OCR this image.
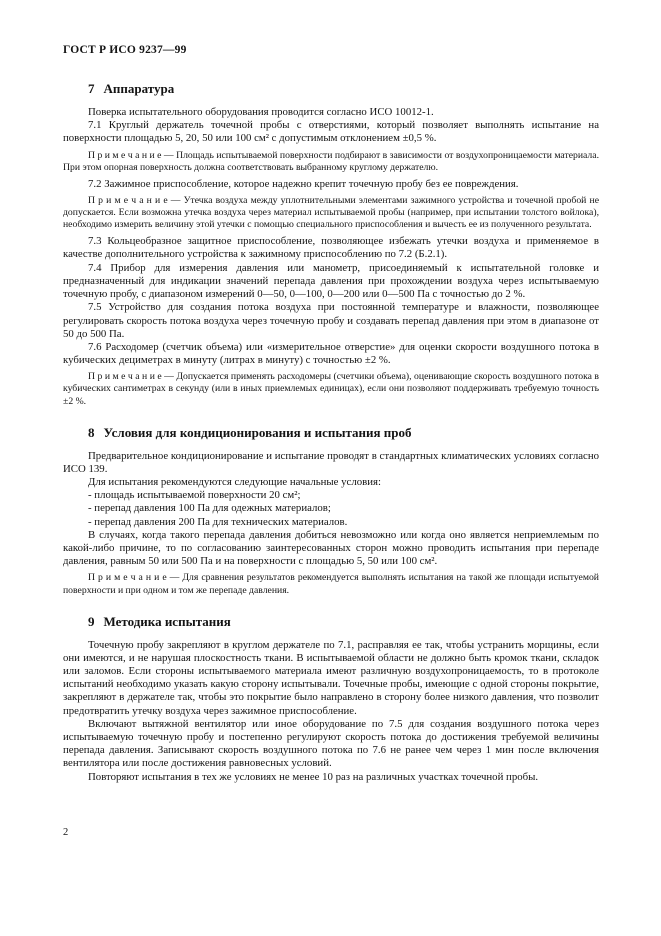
ГОСТ Р ИСО 9237—99
7 Аппаратура

Поверка испытательного оборудования проводится согласно ИСО 10012-1.

7.1 Круглый держатель точечной пробы с отверстиями, который позволяет выполнять испытание на поверхности площадью 5, 20, 50 или 100 см² с допустимым отклонением ±0,5 %.

П р и м е ч а н и е — Площадь испытываемой поверхности подбирают в зависимости от воздухопроницаемости материала. При этом опорная поверхность должна соответствовать выбранному круглому держателю.

7.2 Зажимное приспособление, которое надежно крепит точечную пробу без ее повреждения.

П р и м е ч а н и е — Утечка воздуха между уплотнительными элементами зажимного устройства и точечной пробой не допускается. Если возможна утечка воздуха через материал испытываемой пробы (например, при испытании толстого войлока), необходимо измерить величину этой утечки с помощью специального приспособления и вычесть ее из полученного результата.

7.3 Кольцеобразное защитное приспособление, позволяющее избежать утечки воздуха и применяемое в качестве дополнительного устройства к зажимному приспособлению по 7.2 (Б.2.1).

7.4 Прибор для измерения давления или манометр, присоединяемый к испытательной головке и предназначенный для индикации значений перепада давления при прохождении воздуха через испытываемую точечную пробу, с диапазоном измерений 0—50, 0—100, 0—200 или 0—500 Па с точностью до 2 %.

7.5 Устройство для создания потока воздуха при постоянной температуре и влажности, позволяющее регулировать скорость потока воздуха через точечную пробу и создавать перепад давления при этом в диапазоне от 50 до 500 Па.

7.6 Расходомер (счетчик объема) или «измерительное отверстие» для оценки скорости воздушного потока в кубических дециметрах в минуту (литрах в минуту) с точностью ±2 %.

П р и м е ч а н и е — Допускается применять расходомеры (счетчики объема), оценивающие скорость воздушного потока в кубических сантиметрах в секунду (или в иных приемлемых единицах), если они позволяют поддерживать требуемую точность ±2 %.

8 Условия для кондиционирования и испытания проб

Предварительное кондиционирование и испытание проводят в стандартных климатических условиях согласно ИСО 139.

Для испытания рекомендуются следующие начальные условия:

- площадь испытываемой поверхности 20 см²;

- перепад давления 100 Па для одежных материалов;

- перепад давления 200 Па для технических материалов.

В случаях, когда такого перепада давления добиться невозможно или когда оно является неприемлемым по какой-либо причине, то по согласованию заинтересованных сторон можно проводить испытания при перепаде давления, равным 50 или 500 Па и на поверхности с площадью 5, 50 или 100 см².

П р и м е ч а н и е — Для сравнения результатов рекомендуется выполнять испытания на такой же площади испытуемой поверхности и при одном и том же перепаде давления.

9 Методика испытания

Точечную пробу закрепляют в круглом держателе по 7.1, расправляя ее так, чтобы устранить морщины, если они имеются, и не нарушая плоскостность ткани. В испытываемой области не должно быть кромок ткани, складок или заломов. Если стороны испытываемого материала имеют различную воздухопроницаемость, то в протоколе испытаний необходимо указать какую сторону испытывали. Точечные пробы, имеющие с одной стороны покрытие, закрепляют в держателе так, чтобы это покрытие было направлено в сторону более низкого давления, что позволит предотвратить утечку воздуха через зажимное приспособление.

Включают вытяжной вентилятор или иное оборудование по 7.5 для создания воздушного потока через испытываемую точечную пробу и постепенно регулируют скорость потока до достижения требуемой величины перепада давления. Записывают скорость воздушного потока по 7.6 не ранее чем через 1 мин после включения вентилятора или после достижения равновесных условий.

Повторяют испытания в тех же условиях не менее 10 раз на различных участках точечной пробы.

2
